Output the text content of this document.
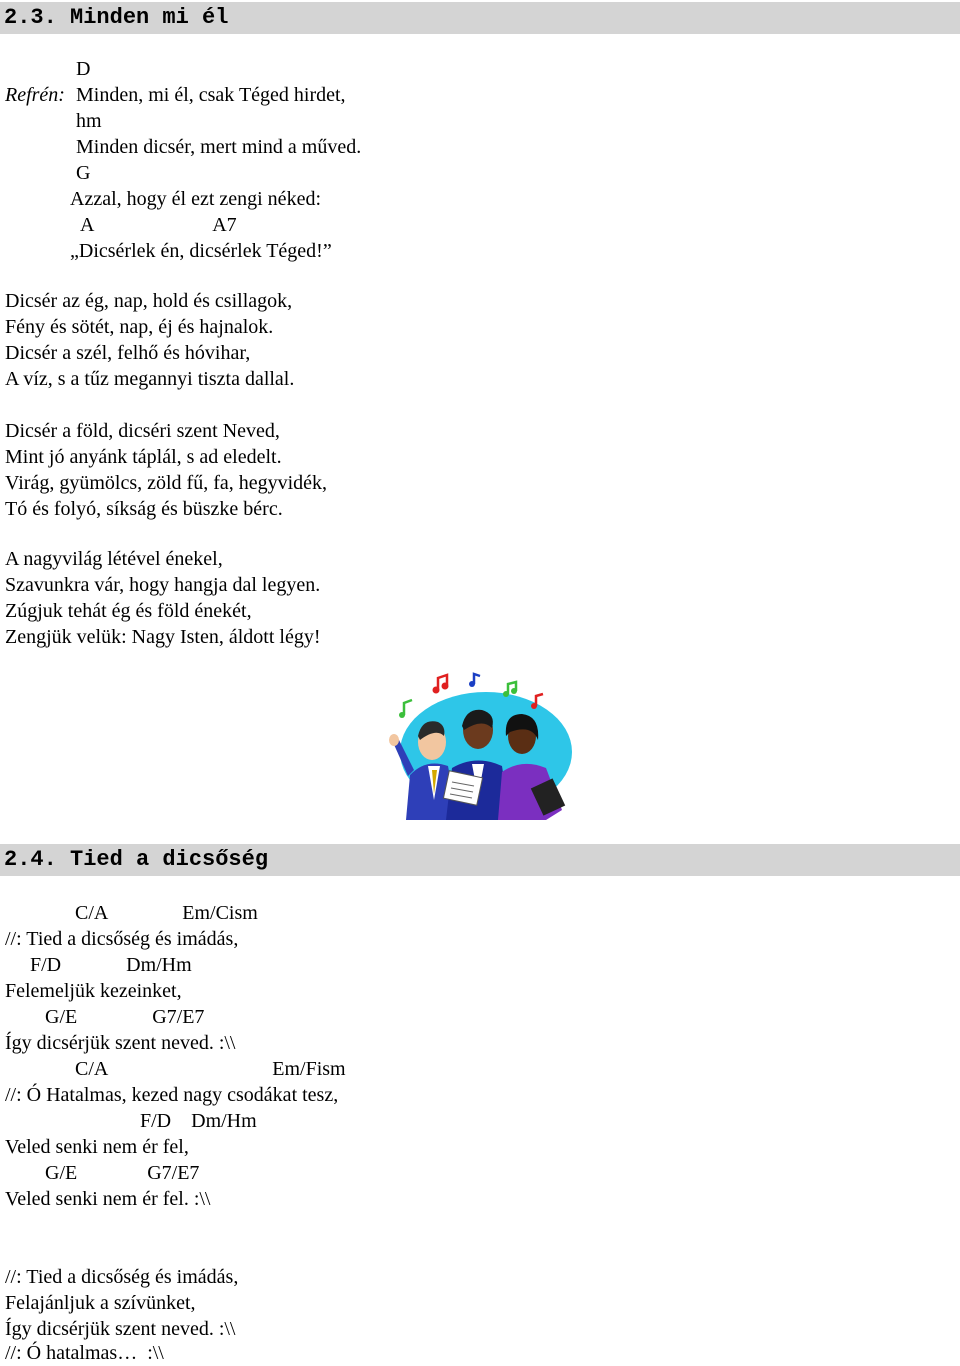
2.3. Minden mi él
D
Refrén: Minden, mi él, csak Téged hirdet,
hm
Minden dicsér, mert mind a műved.
G
Azzal, hogy él ezt zengi néked:
A                        A7
„Dicsérlek én, dicsérlek Téged!”
Dicsér az ég, nap, hold és csillagok,
Fény és sötét, nap, éj és hajnalok.
Dicsér a szél, felhő és hóvihar,
A víz, s a tűz megannyi tiszta dallal.
Dicsér a föld, dicséri szent Neved,
Mint jó anyánk táplál, s ad eledelt.
Virág, gyümölcs, zöld fű, fa, hegyvidék,
Tó és folyó, síkság és büszke bérc.
A nagyvilág létével énekel,
Szavunkra vár, hogy hangja dal legyen.
Zúgjuk tehát ég és föld énekét,
Zengjük velük: Nagy Isten, áldott légy!
2.4. Tied a dicsőség
C/A               Em/Cism
//: Tied a dicsőség és imádás,
F/D             Dm/Hm
Felemeljük kezeinket,
G/E               G7/E7
Így dicsérjük szent neved. :\\
C/A                                 Em/Fism
//: Ó Hatalmas, kezed nagy csodákat tesz,
F/D    Dm/Hm
Veled senki nem ér fel,
G/E              G7/E7
Veled senki nem ér fel. :\\
//: Tied a dicsőség és imádás,
Felajánljuk a szívünket,
Így dicsérjük szent neved. :\\
//: Ó hatalmas…  :\\
